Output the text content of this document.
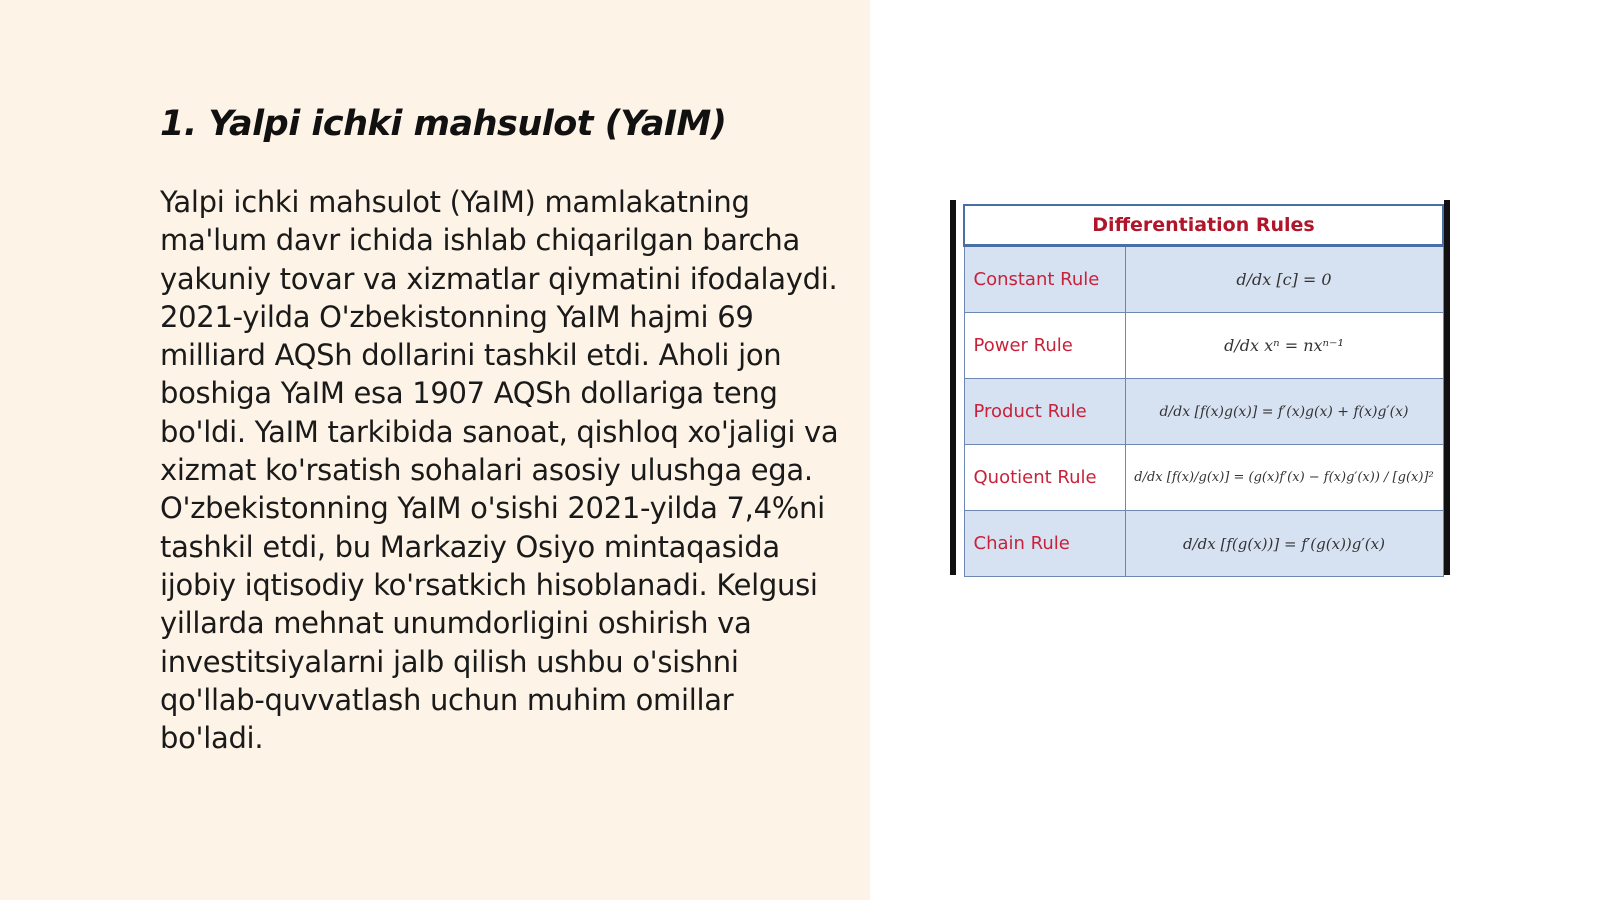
1. Yalpi ichki mahsulot (YaIM)

Yalpi ichki mahsulot (YaIM) mamlakatning ma'lum davr ichida ishlab chiqarilgan barcha yakuniy tovar va xizmatlar qiymatini ifodalaydi. 2021-yilda O'zbekistonning YaIM hajmi 69 milliard AQSh dollarini tashkil etdi. Aholi jon boshiga YaIM esa 1907 AQSh dollariga teng bo'ldi. YaIM tarkibida sanoat, qishloq xo'jaligi va xizmat ko'rsatish sohalari asosiy ulushga ega. O'zbekistonning YaIM o'sishi 2021-yilda 7,4%ni tashkil etdi, bu Markaziy Osiyo mintaqasida ijobiy iqtisodiy ko'rsatkich hisoblanadi. Kelgusi yillarda mehnat unumdorligini oshirish va investitsiyalarni jalb qilish ushbu o'sishni qo'llab-quvvatlash uchun muhim omillar bo'ladi.

Differentiation Rules	
Constant Rule	d/dx [c] = 0
Power Rule	d/dx xⁿ = nxⁿ⁻¹
Product Rule	d/dx [f(x)g(x)] = f′(x)g(x) + f(x)g′(x)
Quotient Rule	d/dx [f(x)/g(x)] = (g(x)f′(x) − f(x)g′(x)) / [g(x)]²
Chain Rule	d/dx [f(g(x))] = f′(g(x))g′(x)
